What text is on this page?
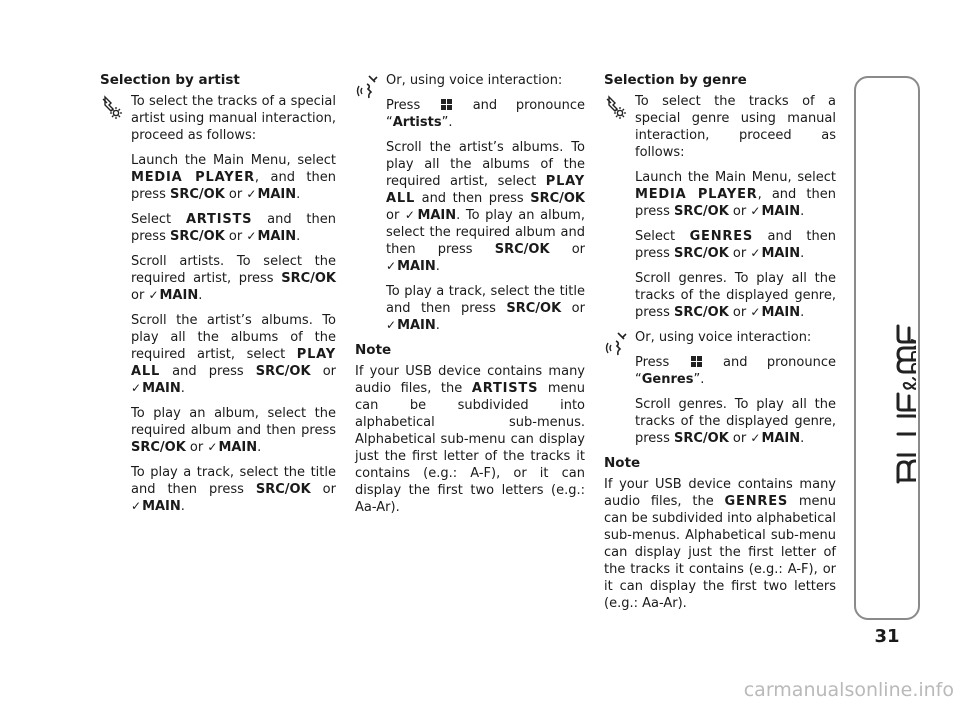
Selection by artist

To select the tracks of a special artist using manual interaction, proceed as follows:

Launch the Main Menu, select MEDIA PLAYER, and then press SRC/OK or ✓MAIN.

Select ARTISTS and then press SRC/OK or ✓MAIN.

Scroll artists. To select the required artist, press SRC/OK or ✓MAIN.

Scroll the artist’s albums. To play all the albums of the required artist, select PLAY ALL and press SRC/OK or ✓MAIN.

To play an album, select the required album and then press SRC/OK or ✓MAIN.

To play a track, select the title and then press SRC/OK or ✓MAIN.

Or, using voice interaction:

Press  and pronounce “Artists”.

Scroll the artist’s albums. To play all the albums of the required artist, select PLAY ALL and then press SRC/OK or ✓MAIN. To play an album, select the required album and then press SRC/OK or ✓MAIN.

To play a track, select the title and then press SRC/OK or ✓MAIN.

Note

If your USB device contains many audio files, the ARTISTS menu can be subdivided into alphabetical sub-menus. Alphabetical sub-menu can display just the first letter of the tracks it contains (e.g.: A-F), or it can display the first two letters (e.g.: Aa-Ar).

Selection by genre

To select the tracks of a special genre using manual interaction, proceed as follows:

Launch the Main Menu, select MEDIA PLAYER, and then press SRC/OK or ✓MAIN.

Select GENRES and then press SRC/OK or ✓MAIN.

Scroll genres. To play all the tracks of the displayed genre, press SRC/OK or ✓MAIN.

Or, using voice interaction:

Press  and pronounce “Genres”.

Scroll genres. To play all the tracks of the displayed genre, press SRC/OK or ✓MAIN.

Note

If your USB device contains many audio files, the GENRES menu can be subdivided into alphabetical sub-menus. Alphabetical sub-menu can display just the first letter of the tracks it contains (e.g.: A-F), or it can display the first two letters (e.g.: Aa-Ar).

31
carmanualsonline.info
